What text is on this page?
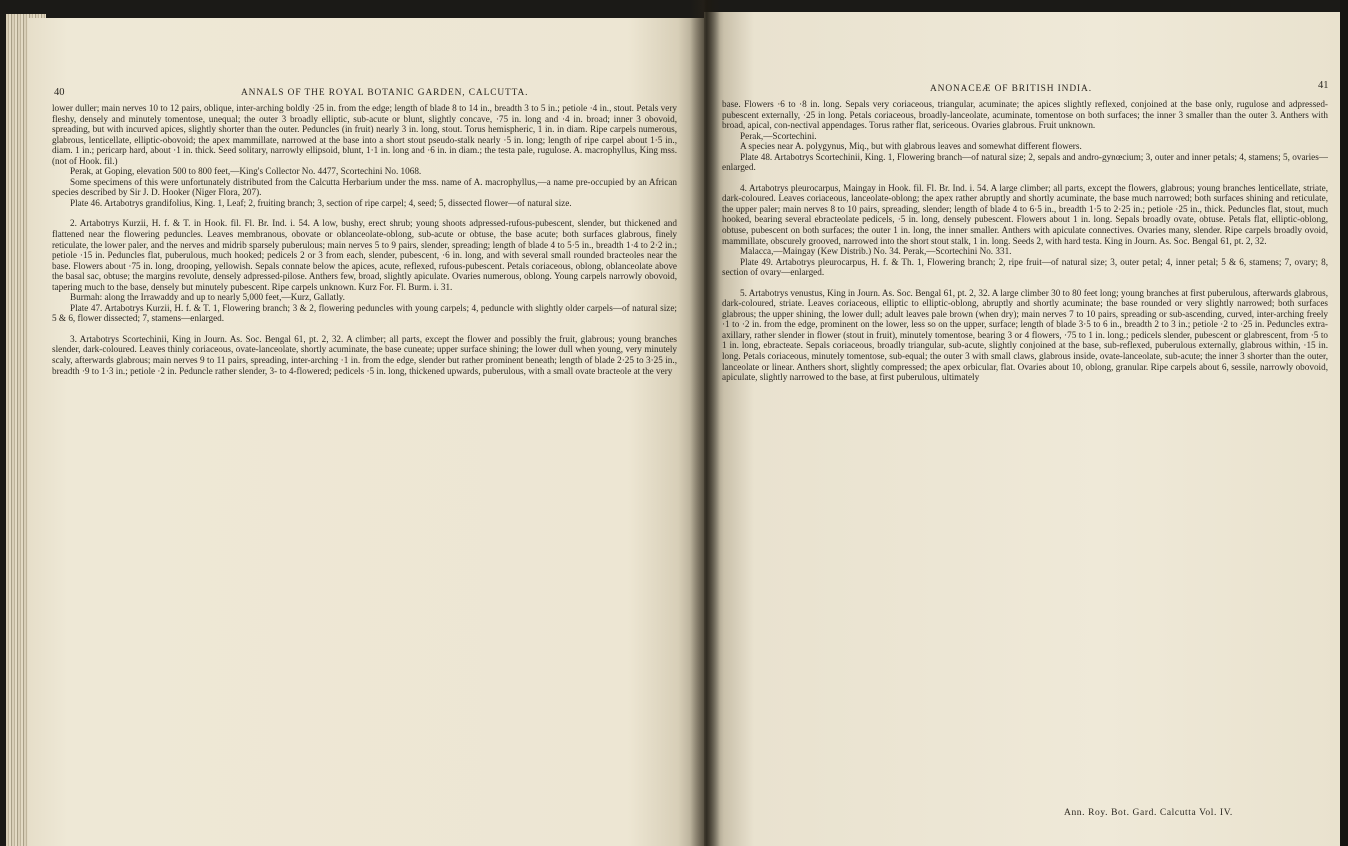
40	ANNALS OF THE ROYAL BOTANIC GARDEN, CALCUTTA.

lower duller; main nerves 10 to 12 pairs, oblique, inter-arching boldly ·25 in. from the edge; length of blade 8 to 14 in., breadth 3 to 5 in.; petiole ·4 in., stout. Petals very fleshy, densely and minutely tomentose, unequal; the outer 3 broadly elliptic, sub-acute or blunt, slightly concave, ·75 in. long and ·4 in. broad; inner 3 obovoid, spreading, but with incurved apices, slightly shorter than the outer. Peduncles (in fruit) nearly 3 in. long, stout. Torus hemispheric, 1 in. in diam. Ripe carpels numerous, glabrous, lenticellate, elliptic-obovoid; the apex mammillate, narrowed at the base into a short stout pseudo-stalk nearly ·5 in. long; length of ripe carpel about 1·5 in., diam. 1 in.; pericarp hard, about ·1 in. thick. Seed solitary, narrowly ellipsoid, blunt, 1·1 in. long and ·6 in. in diam.; the testa pale, rugulose. A. macrophyllus, King mss. (not of Hook. fil.)

Perak, at Goping, elevation 500 to 800 feet,—King's Collector No. 4477, Scortechini No. 1068.

Some specimens of this were unfortunately distributed from the Calcutta Herbarium under the mss. name of A. macrophyllus,—a name pre-occupied by an African species described by Sir J. D. Hooker (Niger Flora, 207).

Plate 46. Artabotrys grandifolius, King. 1, Leaf; 2, fruiting branch; 3, section of ripe carpel; 4, seed; 5, dissected flower—of natural size.

2. Artabotrys Kurzii, H. f. & T. in Hook. fil. Fl. Br. Ind. i. 54. A low, bushy, erect shrub; young shoots adpressed-rufous-pubescent, slender, but thickened and flattened near the flowering peduncles. Leaves membranous, obovate or oblanceolate-oblong, sub-acute or obtuse, the base acute; both surfaces glabrous, finely reticulate, the lower paler, and the nerves and midrib sparsely puberulous; main nerves 5 to 9 pairs, slender, spreading; length of blade 4 to 5·5 in., breadth 1·4 to 2·2 in.; petiole ·15 in. Peduncles flat, puberulous, much hooked; pedicels 2 or 3 from each, slender, pubescent, ·6 in. long, and with several small rounded bracteoles near the base. Flowers about ·75 in. long, drooping, yellowish. Sepals connate below the apices, acute, reflexed, rufous-pubescent. Petals coriaceous, oblong, oblanceolate above the basal sac, obtuse; the margins revolute, densely adpressed-pilose. Anthers few, broad, slightly apiculate. Ovaries numerous, oblong. Young carpels narrowly obovoid, tapering much to the base, densely but minutely pubescent. Ripe carpels unknown. Kurz For. Fl. Burm. i. 31.

Burmah: along the Irrawaddy and up to nearly 5,000 feet,—Kurz, Gallatly.

Plate 47. Artabotrys Kurzii, H. f. & T. 1, Flowering branch; 3 & 2, flowering peduncles with young carpels; 4, peduncle with slightly older carpels—of natural size; 5 & 6, flower dissected; 7, stamens—enlarged.

3. Artabotrys Scortechinii, King in Journ. As. Soc. Bengal 61, pt. 2, 32. A climber; all parts, except the flower and possibly the fruit, glabrous; young branches slender, dark-coloured. Leaves thinly coriaceous, ovate-lanceolate, shortly acuminate, the base cuneate; upper surface shining; the lower dull when young, very minutely scaly, afterwards glabrous; main nerves 9 to 11 pairs, spreading, inter-arching ·1 in. from the edge, slender but rather prominent beneath; length of blade 2·25 to 3·25 in., breadth ·9 to 1·3 in.; petiole ·2 in. Peduncle rather slender, 3- to 4-flowered; pedicels ·5 in. long, thickened upwards, puberulous, with a small ovate bracteole at the very

41
ANONACEÆ OF BRITISH INDIA.

base. Flowers ·6 to ·8 in. long. Sepals very coriaceous, triangular, acuminate; the apices slightly reflexed, conjoined at the base only, rugulose and adpressed-pubescent externally, ·25 in long. Petals coriaceous, broadly-lanceolate, acuminate, tomentose on both surfaces; the inner 3 smaller than the outer 3. Anthers with broad, apical, con-nectival appendages. Torus rather flat, sericeous. Ovaries glabrous. Fruit unknown.

Perak,—Scortechini.

A species near A. polygynus, Miq., but with glabrous leaves and somewhat different flowers.

Plate 48. Artabotrys Scortechinii, King. 1, Flowering branch—of natural size; 2, sepals and andro-gynœcium; 3, outer and inner petals; 4, stamens; 5, ovaries—enlarged.

4. Artabotrys pleurocarpus, Maingay in Hook. fil. Fl. Br. Ind. i. 54. A large climber; all parts, except the flowers, glabrous; young branches lenticellate, striate, dark-coloured. Leaves coriaceous, lanceolate-oblong; the apex rather abruptly and shortly acuminate, the base much narrowed; both surfaces shining and reticulate, the upper paler; main nerves 8 to 10 pairs, spreading, slender; length of blade 4 to 6·5 in., breadth 1·5 to 2·25 in.; petiole ·25 in., thick. Peduncles flat, stout, much hooked, bearing several ebracteolate pedicels, ·5 in. long, densely pubescent. Flowers about 1 in. long. Sepals broadly ovate, obtuse. Petals flat, elliptic-oblong, obtuse, pubescent on both surfaces; the outer 1 in. long, the inner smaller. Anthers with apiculate connectives. Ovaries many, slender. Ripe carpels broadly ovoid, mammillate, obscurely grooved, narrowed into the short stout stalk, 1 in. long. Seeds 2, with hard testa. King in Journ. As. Soc. Bengal 61, pt. 2, 32.

Malacca,—Maingay (Kew Distrib.) No. 34. Perak,—Scortechini No. 331.

Plate 49. Artabotrys pleurocarpus, H. f. & Th. 1, Flowering branch; 2, ripe fruit—of natural size; 3, outer petal; 4, inner petal; 5 & 6, stamens; 7, ovary; 8, section of ovary—enlarged.

5. Artabotrys venustus, King in Journ. As. Soc. Bengal 61, pt. 2, 32. A large climber 30 to 80 feet long; young branches at first puberulous, afterwards glabrous, dark-coloured, striate. Leaves coriaceous, elliptic to elliptic-oblong, abruptly and shortly acuminate; the base rounded or very slightly narrowed; both surfaces glabrous; the upper shining, the lower dull; adult leaves pale brown (when dry); main nerves 7 to 10 pairs, spreading or sub-ascending, curved, inter-arching freely ·1 to ·2 in. from the edge, prominent on the lower, less so on the upper, surface; length of blade 3·5 to 6 in., breadth 2 to 3 in.; petiole ·2 to ·25 in. Peduncles extra-axillary, rather slender in flower (stout in fruit), minutely tomentose, bearing 3 or 4 flowers, ·75 to 1 in. long.; pedicels slender, pubescent or glabrescent, from ·5 to 1 in. long, ebracteate. Sepals coriaceous, broadly triangular, sub-acute, slightly conjoined at the base, sub-reflexed, puberulous externally, glabrous within, ·15 in. long. Petals coriaceous, minutely tomentose, sub-equal; the outer 3 with small claws, glabrous inside, ovate-lanceolate, sub-acute; the inner 3 shorter than the outer, lanceolate or linear. Anthers short, slightly compressed; the apex orbicular, flat. Ovaries about 10, oblong, granular. Ripe carpels about 6, sessile, narrowly obovoid, apiculate, slightly narrowed to the base, at first puberulous, ultimately

Ann. Roy. Bot. Gard. Calcutta Vol. IV.
